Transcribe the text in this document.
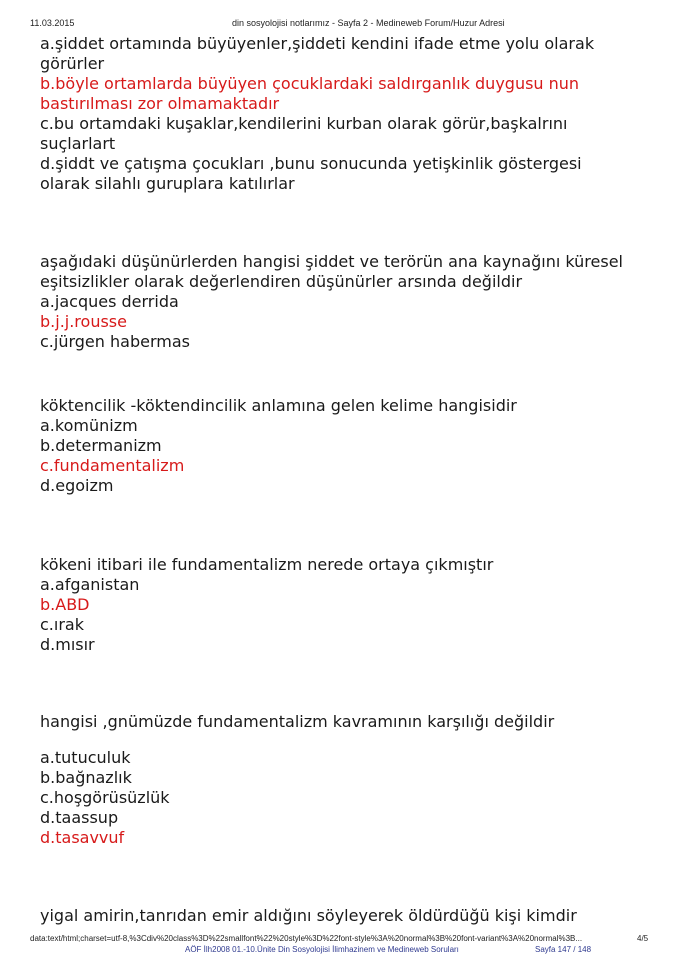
11.03.2015	din sosyolojisi notlarımız - Sayfa 2 - Medineweb Forum/Huzur Adresi
a.şiddet ortamında büyüyenler,şiddeti kendini ifade etme yolu olarak
görürler
b.böyle ortamlarda büyüyen çocuklardaki saldırganlık duygusu nun
bastırılması zor olmamaktadır
c.bu ortamdaki kuşaklar,kendilerini kurban olarak görür,başkalrını
suçlarlart
d.şiddt ve çatışma çocukları ,bunu sonucunda yetişkinlik göstergesi
olarak silahlı guruplara katılırlar
aşağıdaki düşünürlerden hangisi şiddet ve terörün ana kaynağını küresel
eşitsizlikler olarak değerlendiren düşünürler arsında değildir
a.jacques derrida
b.j.j.rousse
c.jürgen habermas
köktencilik -köktendincilik anlamına gelen kelime hangisidir
a.komünizm
b.determanizm
c.fundamentalizm
d.egoizm
kökeni itibari ile fundamentalizm nerede ortaya çıkmıştır
a.afganistan
b.ABD
c.ırak
d.mısır
hangisi ,gnümüzde fundamentalizm kavramının karşılığı değildir
a.tutuculuk
b.bağnazlık
c.hoşgörüsüzlük
d.taassup
d.tasavvuf
yigal amirin,tanrıdan emir aldığını söyleyerek öldürdüğü kişi kimdir
data:text/html;charset=utf-8,%3Cdiv%20class%3D%22smallfont%22%20style%3D%22font-style%3A%20normal%3B%20font-variant%3A%20normal%3B...	4/5
AÖF İlh2008 01.-10.Ünite Din Sosyolojisi İlimhazinem ve Medineweb Soruları	Sayfa 147 / 148
